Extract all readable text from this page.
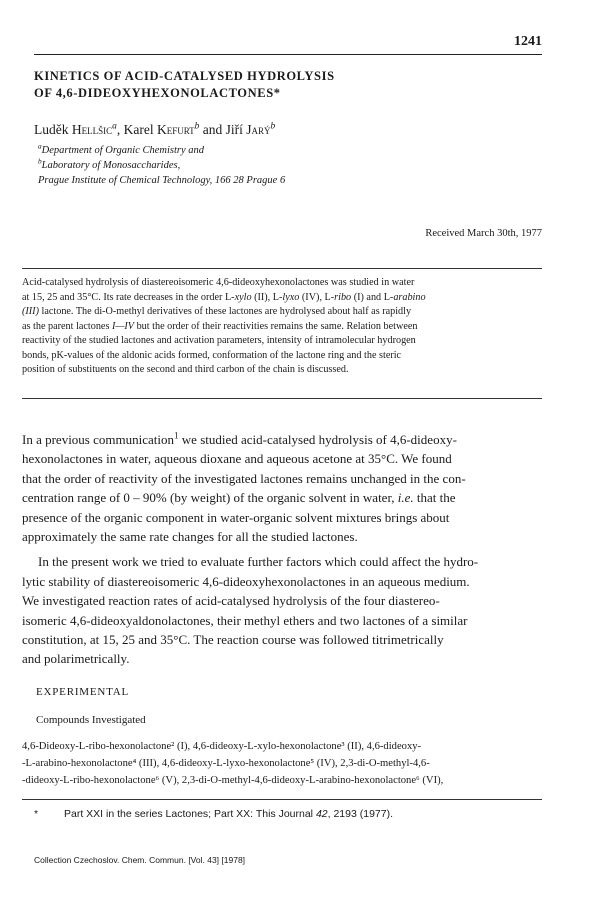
1241
KINETICS OF ACID-CATALYSED HYDROLYSIS
OF 4,6-DIDEOXYHEXONOLACTONES*
Luděk Hellšic$^a$, Karel Kefurt$^b$ and Jiří Jarý$^b$
$^a$Department of Organic Chemistry and
$^b$Laboratory of Monosaccharides,
Prague Institute of Chemical Technology, 166 28 Prague 6
Received March 30th, 1977
Acid-catalysed hydrolysis of diastereoisomeric 4,6-dideoxyhexonolactones was studied in water
at 15, 25 and 35°C. Its rate decreases in the order L-xylo (II), L-lyxo (IV), L-ribo (I) and L-arabino
(III) lactone. The di-O-methyl derivatives of these lactones are hydrolysed about half as rapidly
as the parent lactones I—IV but the order of their reactivities remains the same. Relation between
reactivity of the studied lactones and activation parameters, intensity of intramolecular hydrogen
bonds, pK-values of the aldonic acids formed, conformation of the lactone ring and the steric
position of substituents on the second and third carbon of the chain is discussed.
In a previous communication$^1$ we studied acid-catalysed hydrolysis of 4,6-dideoxy-
hexonolactones in water, aqueous dioxane and aqueous acetone at 35°C. We found
that the order of reactivity of the investigated lactones remains unchanged in the con-
centration range of 0 – 90% (by weight) of the organic solvent in water, i.e. that the
presence of the organic component in water-organic solvent mixtures brings about
approximately the same rate changes for all the studied lactones.
In the present work we tried to evaluate further factors which could affect the hydro-
lytic stability of diastereoisomeric 4,6-dideoxyhexonolactones in an aqueous medium.
We investigated reaction rates of acid-catalysed hydrolysis of the four diastereo-
isomeric 4,6-dideoxyaldonolactones, their methyl ethers and two lactones of a similar
constitution, at 15, 25 and 35°C. The reaction course was followed titrimetrically
and polarimetrically.
EXPERIMENTAL
Compounds Investigated
4,6-Dideoxy-L-ribo-hexonolactone² (I), 4,6-dideoxy-L-xylo-hexonolactone³ (II), 4,6-dideoxy-
-L-arabino-hexonolactone⁴ (III), 4,6-dideoxy-L-lyxo-hexonolactone⁵ (IV), 2,3-di-O-methyl-4,6-
-dideoxy-L-ribo-hexonolactone⁶ (V), 2,3-di-O-methyl-4,6-dideoxy-L-arabino-hexonolactone⁶ (VI),
* Part XXI in the series Lactones; Part XX: This Journal 42, 2193 (1977).
Collection Czechoslov. Chem. Commun. [Vol. 43] [1978]
